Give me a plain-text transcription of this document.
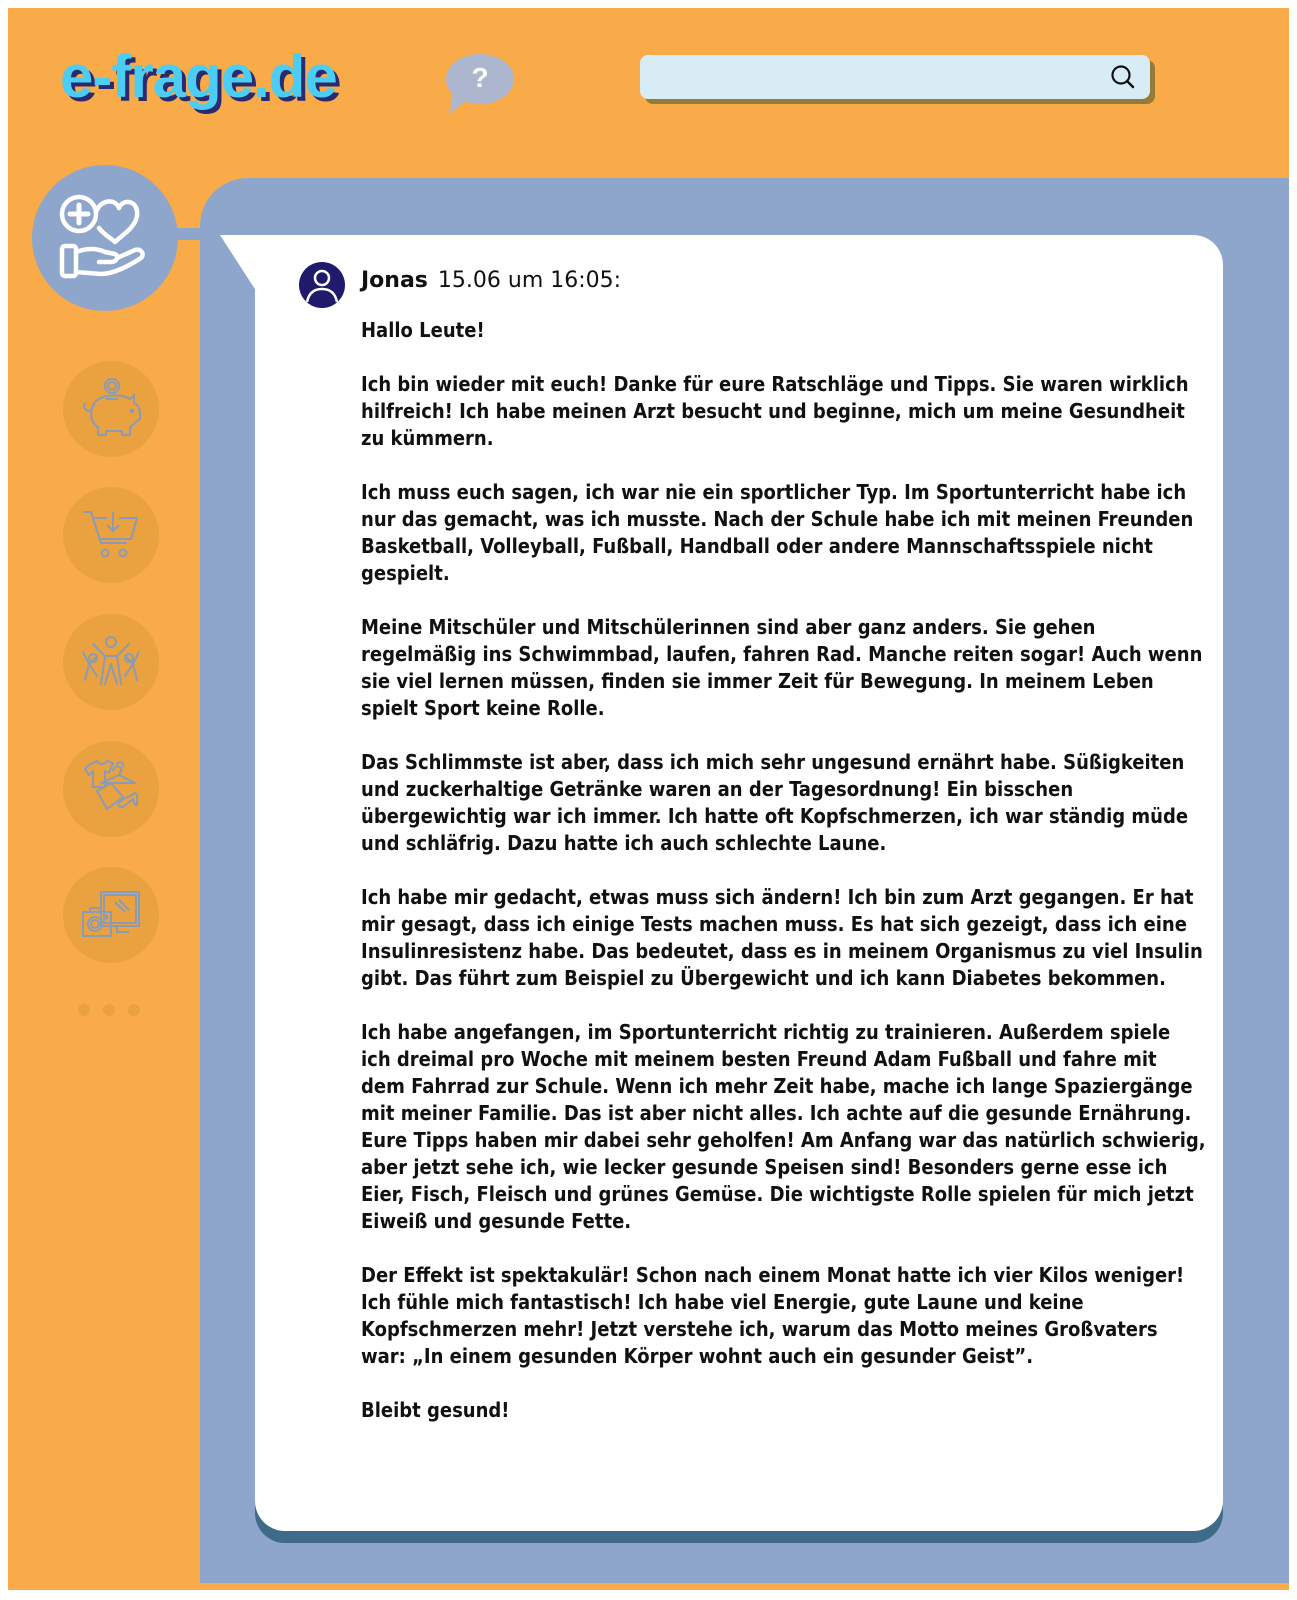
e-frage.de	?
Jonas 15.06 um 16:05:

Hallo Leute!

Ich bin wieder mit euch! Danke für eure Ratschläge und Tipps. Sie waren wirklich hilfreich! Ich habe meinen Arzt besucht und beginne, mich um meine Gesundheit zu kümmern.

Ich muss euch sagen, ich war nie ein sportlicher Typ. Im Sportunterricht habe ich nur das gemacht, was ich musste. Nach der Schule habe ich mit meinen Freunden Basketball, Volleyball, Fußball, Handball oder andere Mannschaftsspiele nicht gespielt.

Meine Mitschüler und Mitschülerinnen sind aber ganz anders. Sie gehen regelmäßig ins Schwimmbad, laufen, fahren Rad. Manche reiten sogar! Auch wenn sie viel lernen müssen, finden sie immer Zeit für Bewegung. In meinem Leben spielt Sport keine Rolle.

Das Schlimmste ist aber, dass ich mich sehr ungesund ernährt habe. Süßigkeiten und zuckerhaltige Getränke waren an der Tagesordnung! Ein bisschen übergewichtig war ich immer. Ich hatte oft Kopfschmerzen, ich war ständig müde und schläfrig. Dazu hatte ich auch schlechte Laune.

Ich habe mir gedacht, etwas muss sich ändern! Ich bin zum Arzt gegangen. Er hat mir gesagt, dass ich einige Tests machen muss. Es hat sich gezeigt, dass ich eine Insulinresistenz habe. Das bedeutet, dass es in meinem Organismus zu viel Insulin gibt. Das führt zum Beispiel zu Übergewicht und ich kann Diabetes bekommen.

Ich habe angefangen, im Sportunterricht richtig zu trainieren. Außerdem spiele ich dreimal pro Woche mit meinem besten Freund Adam Fußball und fahre mit dem Fahrrad zur Schule. Wenn ich mehr Zeit habe, mache ich lange Spaziergänge mit meiner Familie. Das ist aber nicht alles. Ich achte auf die gesunde Ernährung. Eure Tipps haben mir dabei sehr geholfen! Am Anfang war das natürlich schwierig, aber jetzt sehe ich, wie lecker gesunde Speisen sind! Besonders gerne esse ich Eier, Fisch, Fleisch und grünes Gemüse. Die wichtigste Rolle spielen für mich jetzt Eiweiß und gesunde Fette.

Der Effekt ist spektakulär! Schon nach einem Monat hatte ich vier Kilos weniger! Ich fühle mich fantastisch! Ich habe viel Energie, gute Laune und keine Kopfschmerzen mehr! Jetzt verstehe ich, warum das Motto meines Großvaters war: „In einem gesunden Körper wohnt auch ein gesunder Geist”.

Bleibt gesund!
